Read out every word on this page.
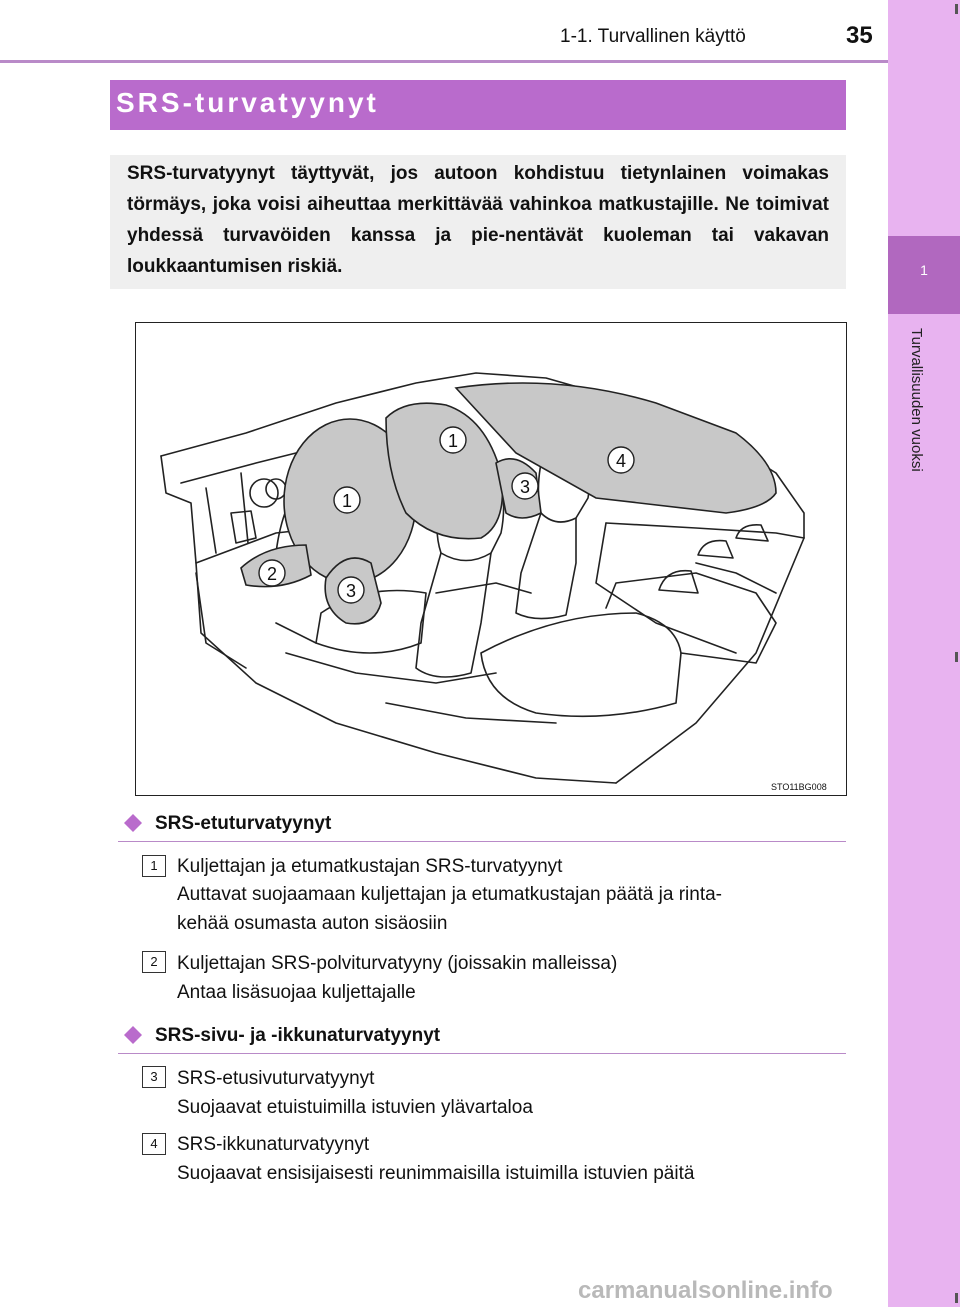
1-1. Turvallinen käyttö	35
1
Turvallisuuden vuoksi
SRS-turvatyynyt
SRS-turvatyynyt täyttyvät, jos autoon kohdistuu tietynlainen voimakas törmäys, joka voisi aiheuttaa merkittävää vahinkoa matkustajille. Ne toimivat yhdessä turvavöiden kanssa ja pie-nentävät kuoleman tai vakavan loukkaantumisen riskiä.
1
1
2
3
3
4
STO11BG008
SRS-etuturvatyynyt
1	Kuljettajan ja etumatkustajan SRS-turvatyynyt
Auttavat suojaamaan kuljettajan ja etumatkustajan päätä ja rinta-
kehää osumasta auton sisäosiin
2	Kuljettajan SRS-polviturvatyyny (joissakin malleissa)
Antaa lisäsuojaa kuljettajalle
SRS-sivu- ja -ikkunaturvatyynyt
3	SRS-etusivuturvatyynyt
Suojaavat etuistuimilla istuvien ylävartaloa
4	SRS-ikkunaturvatyynyt
Suojaavat ensisijaisesti reunimmaisilla istuimilla istuvien päitä
carmanualsonline.info
